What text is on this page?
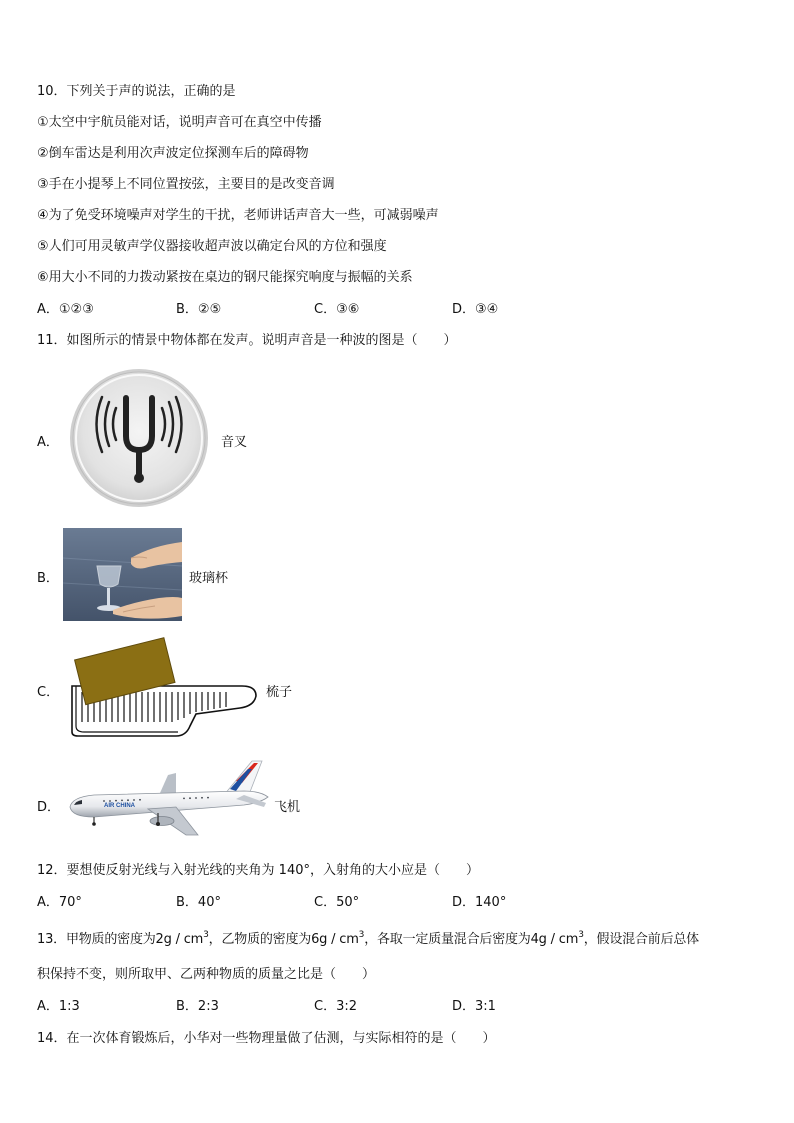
10．下列关于声的说法，正确的是
①太空中宇航员能对话，说明声音可在真空中传播
②倒车雷达是利用次声波定位探测车后的障碍物
③手在小提琴上不同位置按弦，主要目的是改变音调
④为了免受环境噪声对学生的干扰，老师讲话声音大一些，可减弱噪声
⑤人们可用灵敏声学仪器接收超声波以确定台风的方位和强度
⑥用大小不同的力拨动紧按在桌边的钢尺能探究响度与振幅的关系
A．①②③	B．②⑤	C．③⑥	D．③④
11．如图所示的情景中物体都在发声。说明声音是一种波的图是（　　）
A．	音叉
B．	玻璃杯
C．	梳子
D．	AIR CHINA	飞机
12．要想使反射光线与入射光线的夹角为 140°，入射角的大小应是（　　）
A．70°	B．40°	C．50°	D．140°
13．甲物质的密度为$2g / cm^3$，乙物质的密度为$6g / cm^3$，各取一定质量混合后密度为$4g / cm^3$，假设混合前后总体
积保持不变，则所取甲、乙两种物质的质量之比是（　　）
A．1:3	B．2:3	C．3:2	D．3:1
14．在一次体育锻炼后，小华对一些物理量做了估测，与实际相符的是（　　）
